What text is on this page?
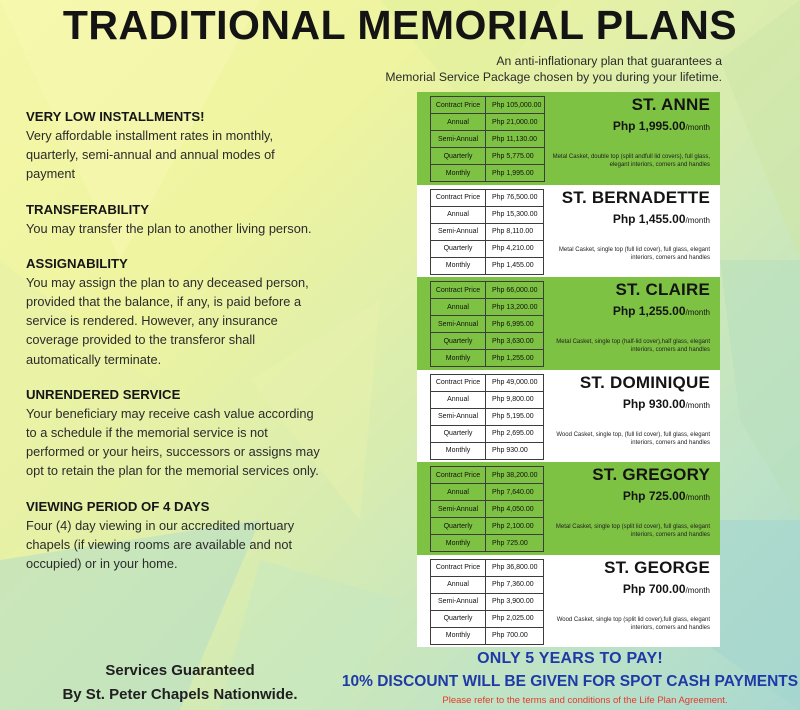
TRADITIONAL MEMORIAL PLANS
An anti-inflationary plan that guarantees a
Memorial Service Package chosen by you during your lifetime.
VERY LOW INSTALLMENTS!

Very affordable installment rates in monthly, quarterly, semi-annual and annual modes of payment

TRANSFERABILITY

You may transfer the plan to another living person.

ASSIGNABILITY

You may assign the plan to any deceased person, provided that the balance, if any, is paid before a service is rendered. However, any insurance coverage provided to the transferor shall automatically terminate.

UNRENDERED SERVICE

Your beneficiary may receive cash value according to a schedule if the memorial service is not performed or your heirs, successors or assigns may opt to retain the plan for the memorial services only.

VIEWING PERIOD OF 4 DAYS

Four (4) day viewing in our accredited mortuary chapels (if viewing rooms are available and not occupied) or in your home.

Services Guaranteed
By St. Peter Chapels Nationwide.
Contract Price	Php 105,000.00
Annual	Php 21,000.00
Semi-Annual	Php 11,130.00
Quarterly	Php 5,775.00
Monthly	Php 1,995.00
ST. ANNE
Php 1,995.00/month
Metal Casket, double top (split andfull lid covers), full glass, elegant interiors, corners and handles
Contract Price	Php 76,500.00
Annual	Php 15,300.00
Semi-Annual	Php 8,110.00
Quarterly	Php 4,210.00
Monthly	Php 1,455.00
ST. BERNADETTE
Php 1,455.00/month
Metal Casket, single top (full lid cover), full glass, elegant interiors, corners and handles
Contract Price	Php 66,000.00
Annual	Php 13,200.00
Semi-Annual	Php 6,995.00
Quarterly	Php 3,630.00
Monthly	Php 1,255.00
ST. CLAIRE
Php 1,255.00/month
Metal Casket, single top (half-lid cover),half glass, elegant interiors, corners and handles
Contract Price	Php 49,000.00
Annual	Php 9,800.00
Semi-Annual	Php 5,195.00
Quarterly	Php 2,695.00
Monthly	Php 930.00
ST. DOMINIQUE
Php 930.00/month
Wood Casket, single top, (full lid cover), full glass, elegant interiors, corners and handles
Contract Price	Php 38,200.00
Annual	Php 7,640.00
Semi-Annual	Php 4,050.00
Quarterly	Php 2,100.00
Monthly	Php 725.00
ST. GREGORY
Php 725.00/month
Metal Casket, single top (split lid cover), full glass, elegant interiors, corners and handles
Contract Price	Php 36,800.00
Annual	Php 7,360.00
Semi-Annual	Php 3,900.00
Quarterly	Php 2,025.00
Monthly	Php 700.00
ST. GEORGE
Php 700.00/month
Wood Casket, single top (split lid cover),full glass, elegant interiors, corners and handles
ONLY 5 YEARS TO PAY!
10% DISCOUNT WILL BE GIVEN FOR SPOT CASH PAYMENTS
Please refer to the terms and conditions of the Life Plan Agreement.
